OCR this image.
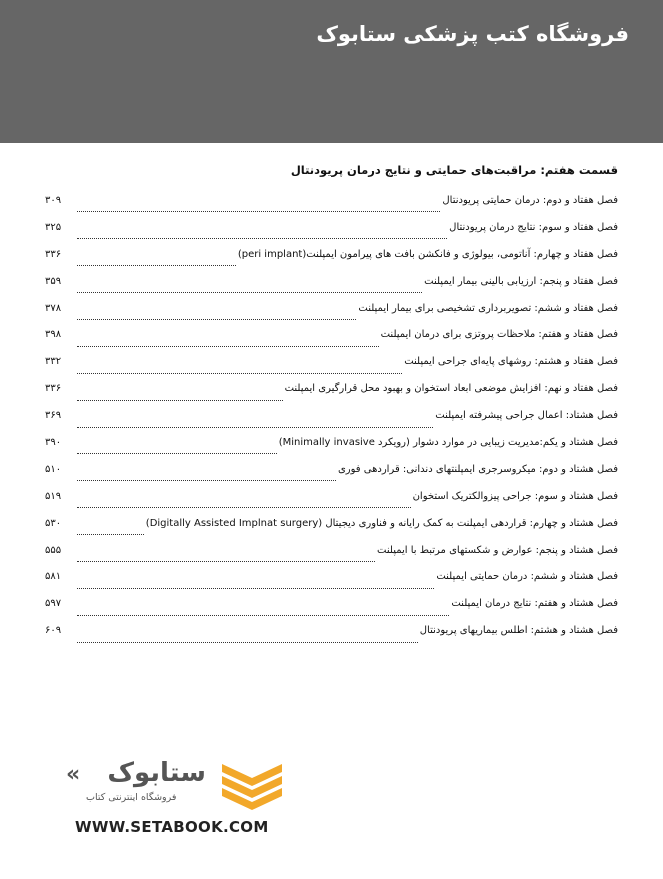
فروشگاه کتب پزشکی ستابوک
قسمت هفتم: مراقبت‌های حمایتی و نتایج درمان پریودنتال
فصل هفتاد و دوم: درمان حمایتی پریودنتال
۳۰۹
فصل هفتاد و سوم: نتایج درمان پریودنتال
۳۲۵
فصل هفتاد و چهارم: آناتومی، بیولوژی و فانکشن بافت های پیرامون ایمپلنت(peri implant)
۳۳۶
فصل هفتاد و پنجم: ارزیابی بالینی بیمار ایمپلنت
۳۵۹
فصل هفتاد و ششم: تصویربرداری تشخیصی برای بیمار ایمپلنت
۳۷۸
فصل هفتاد و هفتم: ملاحظات پروتزی برای درمان ایمپلنت
۳۹۸
فصل هفتاد و هشتم: روشهای پایه‌ای جراحی ایمپلنت
۳۳۲
فصل هفتاد و نهم: افزایش موضعی ابعاد استخوان و بهبود محل قرارگیری ایمپلنت
۳۳۶
فصل هشتاد: اعمال جراحی پیشرفته ایمپلنت
۳۶۹
فصل هشتاد و یکم:مدیریت زیبایی در موارد دشوار (رویکرد Minimally invasive)
۳۹۰
فصل هشتاد و دوم: میکروسرجری ایمپلنتهای دندانی: قراردهی فوری
۵۱۰
فصل هشتاد و سوم: جراحی پیزوالکتریک استخوان
۵۱۹
فصل هشتاد و چهارم: قراردهی ایمپلنت به کمک رایانه و فناوری دیجیتال (Digitally Assisted Implnat surgery)
۵۳۰
فصل هشتاد و پنجم: عوارض و شکستهای مرتبط با ایمپلنت
۵۵۵
فصل هشتاد و ششم: درمان حمایتی ایمپلنت
۵۸۱
فصل هشتاد و هفتم: نتایج درمان ایمپلنت
۵۹۷
فصل هشتاد و هشتم: اطلس بیماریهای پریودنتال
۶۰۹
« ستابوک
فروشگاه اینترنتی کتاب
WWW.SETABOOK.COM
